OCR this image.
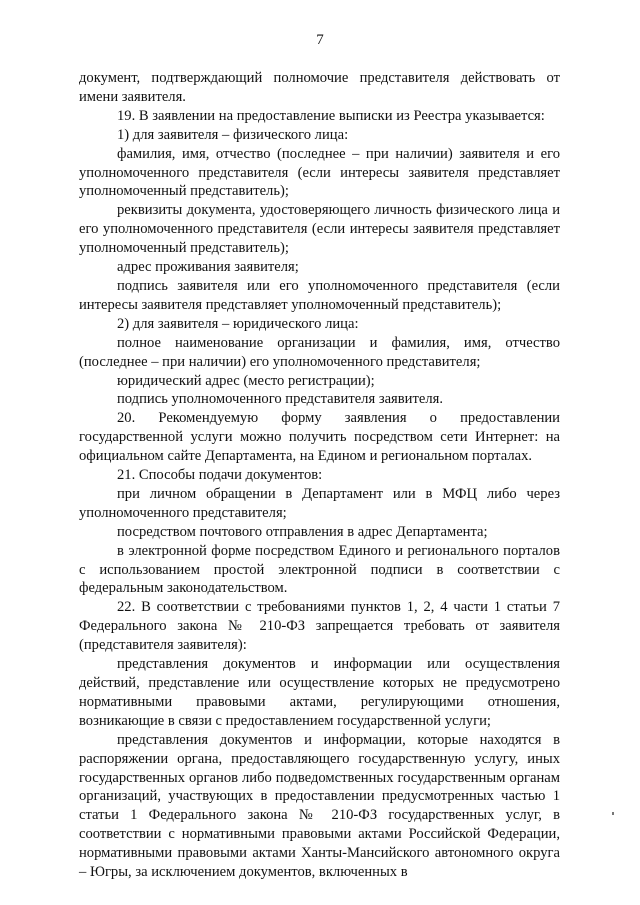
7

документ, подтверждающий полномочие представителя действовать от имени заявителя.

19. В заявлении на предоставление выписки из Реестра указывается:

1) для заявителя – физического лица:

фамилия, имя, отчество (последнее – при наличии) заявителя и его уполномоченного представителя (если интересы заявителя представляет уполномоченный представитель);

реквизиты документа, удостоверяющего личность физического лица и его уполномоченного представителя (если интересы заявителя представляет уполномоченный представитель);

адрес проживания заявителя;

подпись заявителя или его уполномоченного представителя (если интересы заявителя представляет уполномоченный представитель);

2) для заявителя – юридического лица:

полное наименование организации и фамилия, имя, отчество (последнее – при наличии) его уполномоченного представителя;

юридический адрес (место регистрации);

подпись уполномоченного представителя заявителя.

20. Рекомендуемую форму заявления о предоставлении государственной услуги можно получить посредством сети Интернет: на официальном сайте Департамента, на Едином и региональном порталах.

21. Способы подачи документов:

при личном обращении в Департамент или в МФЦ либо через уполномоченного представителя;

посредством почтового отправления в адрес Департамента;

в электронной форме посредством Единого и регионального порталов с использованием простой электронной подписи в соответствии с федеральным законодательством.

22. В соответствии с требованиями пунктов 1, 2, 4 части 1 статьи 7 Федерального закона № 210-ФЗ запрещается требовать от заявителя (представителя заявителя):

представления документов и информации или осуществления действий, представление или осуществление которых не предусмотрено нормативными правовыми актами, регулирующими отношения, возникающие в связи с предоставлением государственной услуги;

представления документов и информации, которые находятся в распоряжении органа, предоставляющего государственную услугу, иных государственных органов либо подведомственных государственным органам организаций, участвующих в предоставлении предусмотренных частью 1 статьи 1 Федерального закона № 210-ФЗ государственных услуг, в соответствии с нормативными правовыми актами Российской Федерации, нормативными правовыми актами Ханты-Мансийского автономного округа – Югры, за исключением документов, включенных в
